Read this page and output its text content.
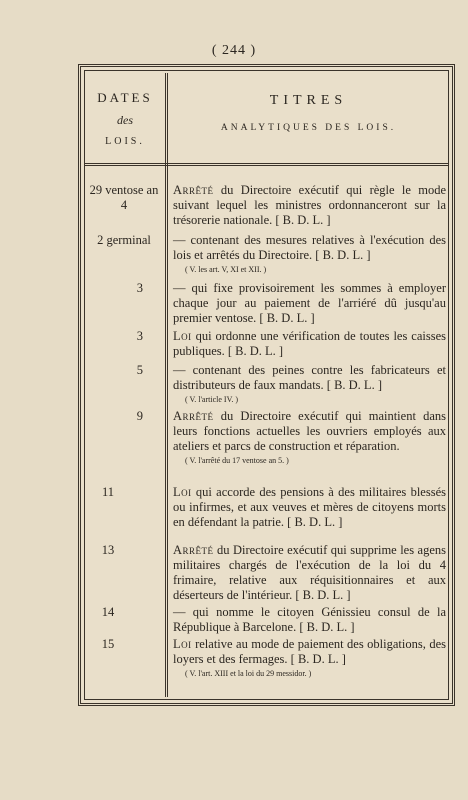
( 244 )
DATES
des
LOIS.
TITRES
ANALYTIQUES DES LOIS.
29 ventose an 4
Arrêté du Directoire exécutif qui règle le mode suivant lequel les ministres ordonnanceront sur la trésorerie nationale. [ B. D. L. ]
2 germinal	— contenant des mesures relatives à l'exécution des lois et arrêtés du Directoire. [ B. D. L. ]
( V. les art. V, XI et XII. )
3 — qui fixe provisoirement les sommes à employer chaque jour au paiement de l'arriéré dû jusqu'au premier ventose. [ B. D. L. ]
3 Loi qui ordonne une vérification de toutes les caisses publiques. [ B. D. L. ]
5 — contenant des peines contre les fabricateurs et distributeurs de faux mandats. [ B. D. L. ]
( V. l'article IV. )
9 Arrêté du Directoire exécutif qui maintient dans leurs fonctions actuelles les ouvriers employés aux ateliers et parcs de construction et réparation.
( V. l'arrêté du 17 ventose an 5. )
11	Loi qui accorde des pensions à des militaires blessés ou infirmes, et aux veuves et mères de citoyens morts en défendant la patrie. [ B. D. L. ]
13	Arrêté du Directoire exécutif qui supprime les agens militaires chargés de l'exécution de la loi du 4 frimaire, relative aux réquisitionnaires et aux déserteurs de l'intérieur. [ B. D. L. ]
14	— qui nomme le citoyen Génissieu consul de la République à Barcelone. [ B. D. L. ]
15	Loi relative au mode de paiement des obligations, des loyers et des fermages. [ B. D. L. ]
( V. l'art. XIII et la loi du 29 messidor. )
